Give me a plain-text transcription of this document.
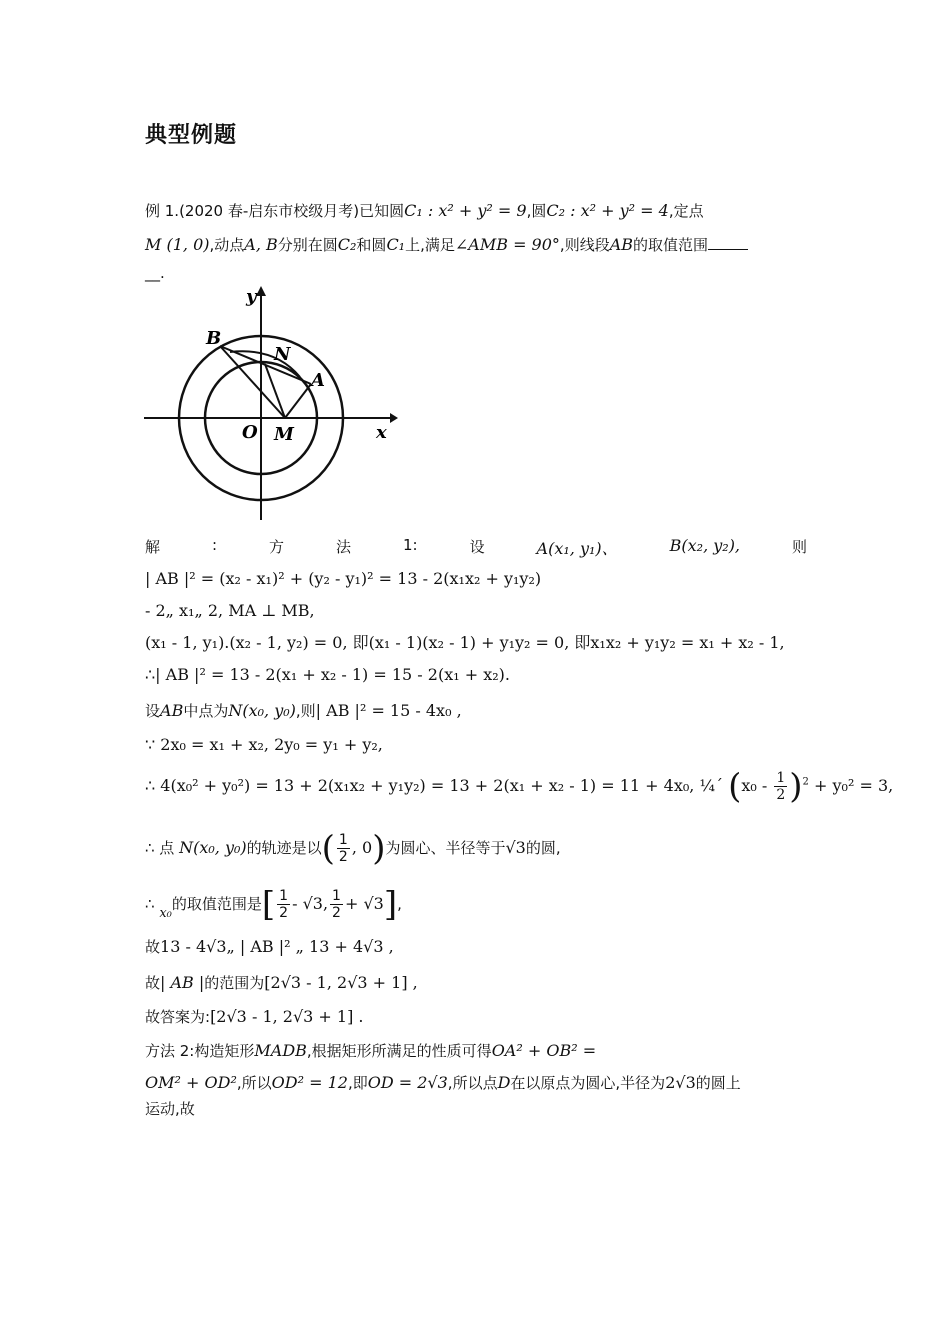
典型例题
例 1.(2020 春-启东市校级月考)已知圆C₁ : x² + y² = 9,圆C₂ : x² + y² = 4,定点
M (1, 0),动点A, B分别在圆C₂和圆C₁上,满足∠AMB = 90°,则线段AB的取值范围
__.
y
x
O M
A
B
N
解	:	方	法	1:	设	A(x₁, y₁)、	B(x₂, y₂),	则
| AB |² = (x₂ - x₁)² + (y₂ - y₁)² = 13 - 2(x₁x₂ + y₁y₂)
- 2„ x₁„ 2, MA ⊥ MB,
(x₁ - 1, y₁).(x₂ - 1, y₂) = 0, 即(x₁ - 1)(x₂ - 1) + y₁y₂ = 0, 即x₁x₂ + y₁y₂ = x₁ + x₂ - 1,
∴| AB |² = 13 - 2(x₁ + x₂ - 1) = 15 - 2(x₁ + x₂).
设AB中点为N(x₀, y₀),则| AB |² = 15 - 4x₀ ,
∵ 2x₀ = x₁ + x₂, 2y₀ = y₁ + y₂,
∴ 4(x₀² + y₀²) = 13 + 2(x₁x₂ + y₁y₂) = 13 + 2(x₁ + x₂ - 1) = 11 + 4x₀, ¼ˊ $(x_0 - \frac{1}{2} )^2 + y_0^2 = 3$,
∴ 点 N(x₀, y₀)的轨迹是以( $\frac{1}{2}$ , 0)为圆心、半径等于√3的圆,
∴ x₀的取值范围是[ $\frac{1}{2} - √3$, $\frac{1}{2} + √3$],
故13 - 4√3„ | AB |² „ 13 + 4√3 ,
故| AB |的范围为[2√3 - 1, 2√3 + 1] ,
故答案为:[2√3 - 1, 2√3 + 1] .
方法 2:构造矩形MADB,根据矩形所满足的性质可得OA² + OB² =
OM² + OD²,所以OD² = 12,即OD = 2√3,所以点D在以原点为圆心,半径为2√3的圆上
运动,故
